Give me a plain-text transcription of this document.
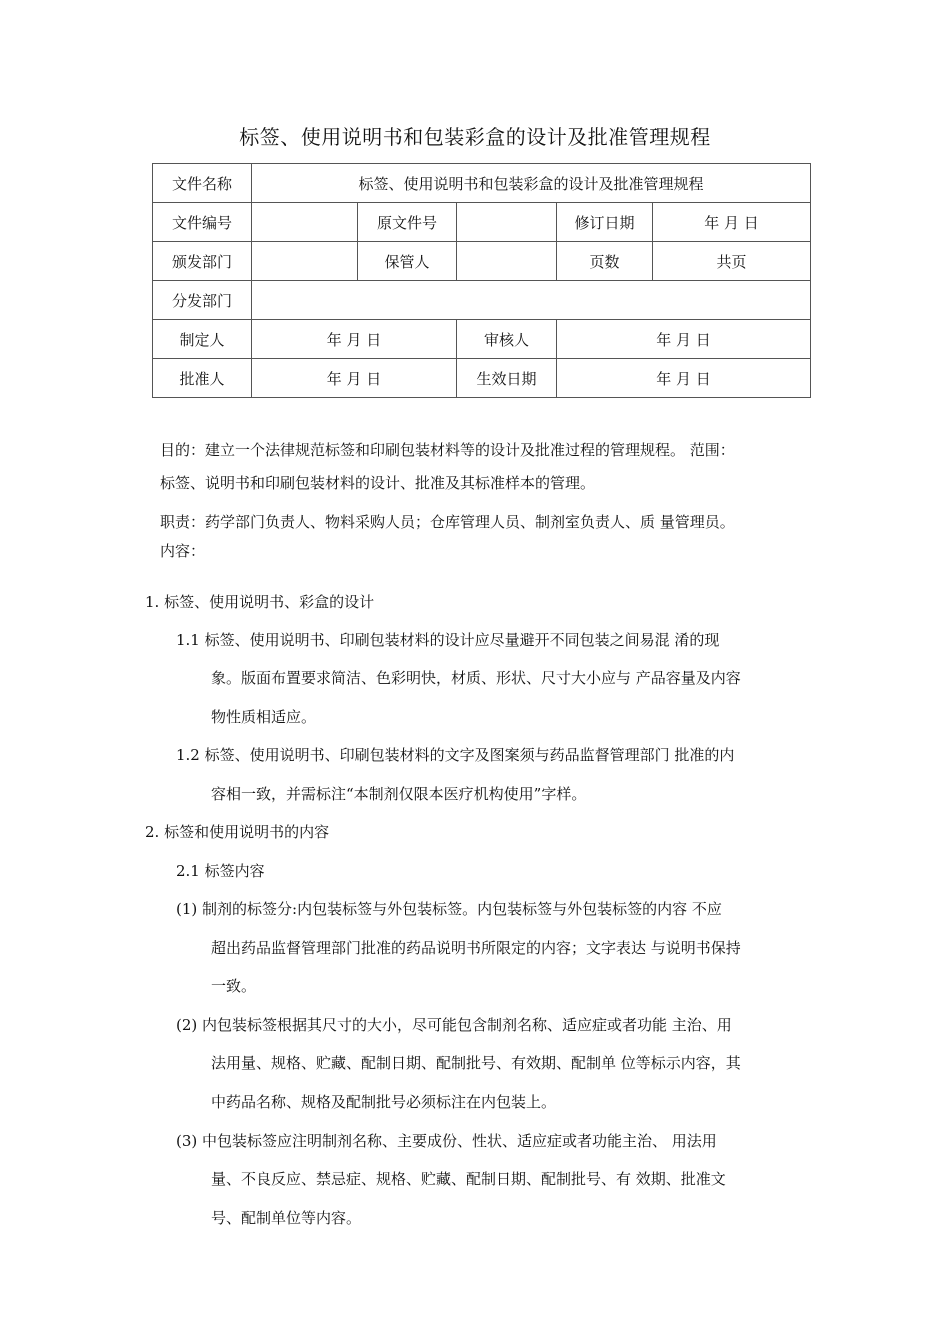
标签、使用说明书和包装彩盒的设计及批准管理规程
文件名称	标签、使用说明书和包装彩盒的设计及批准管理规程				
文件编号		原文件号		修订日期	年 月 日
颁发部门		保管人		页数	共页
分发部门					
制定人	年 月 日		审核人	年 月 日	
批准人	年 月 日		生效日期	年 月 日	
目的：建立一个法律规范标签和印刷包装材料等的设计及批准过程的管理规程。 范围：
标签、说明书和印刷包装材料的设计、批准及其标准样本的管理。
职责：药学部门负责人、物料采购人员；仓库管理人员、制剂室负责人、质 量管理员。
内容：
1. 标签、使用说明书、彩盒的设计
1.1 标签、使用说明书、印刷包装材料的设计应尽量避开不同包装之间易混 淆的现
象。版面布置要求简洁、色彩明快，材质、形状、尺寸大小应与 产品容量及内容
物性质相适应。
1.2 标签、使用说明书、印刷包装材料的文字及图案须与药品监督管理部门 批准的内
容相一致，并需标注“本制剂仅限本医疗机构使用”字样。
2. 标签和使用说明书的内容
2.1 标签内容
(1) 制剂的标签分:内包装标签与外包装标签。内包装标签与外包装标签的内容 不应
超出药品监督管理部门批准的药品说明书所限定的内容；文字表达 与说明书保持
一致。
(2) 内包装标签根据其尺寸的大小，尽可能包含制剂名称、适应症或者功能 主治、用
法用量、规格、贮藏、配制日期、配制批号、有效期、配制单 位等标示内容，其
中药品名称、规格及配制批号必须标注在内包装上。
(3) 中包装标签应注明制剂名称、主要成份、性状、适应症或者功能主治、 用法用
量、不良反应、禁忌症、规格、贮藏、配制日期、配制批号、有 效期、批准文
号、配制单位等内容。
